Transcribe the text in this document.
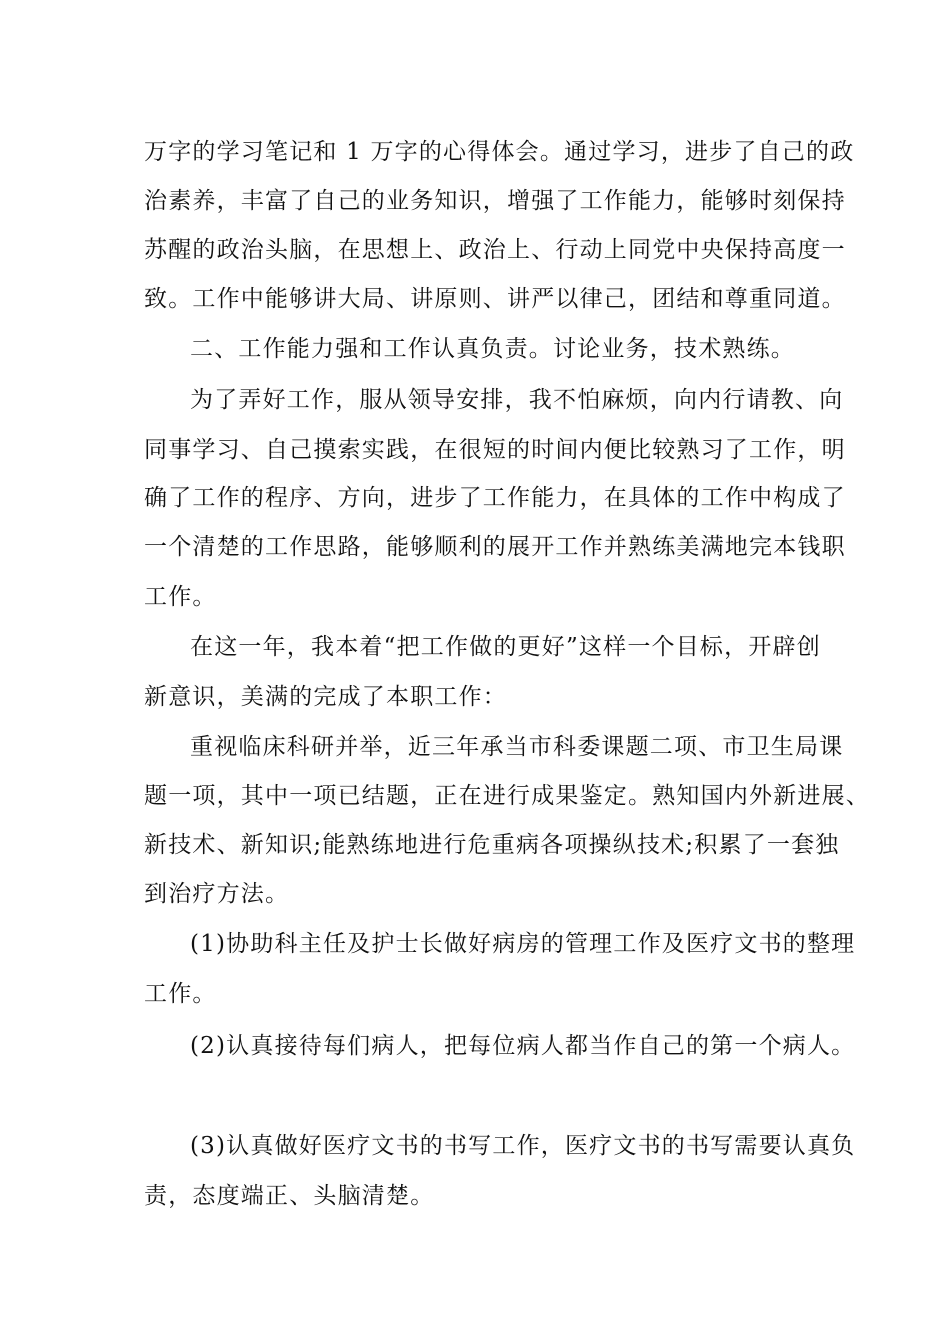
万字的学习笔记和 1 万字的心得体会。通过学习，进步了自己的政
治素养，丰富了自己的业务知识，增强了工作能力，能够时刻保持
苏醒的政治头脑，在思想上、政治上、行动上同党中央保持高度一
致。工作中能够讲大局、讲原则、讲严以律己，团结和尊重同道。
二、工作能力强和工作认真负责。讨论业务，技术熟练。
为了弄好工作，服从领导安排，我不怕麻烦，向内行请教、向
同事学习、自己摸索实践，在很短的时间内便比较熟习了工作，明
确了工作的程序、方向，进步了工作能力，在具体的工作中构成了
一个清楚的工作思路，能够顺利的展开工作并熟练美满地完本钱职
工作。
在这一年，我本着“把工作做的更好”这样一个目标，开辟创
新意识，美满的完成了本职工作：
重视临床科研并举，近三年承当市科委课题二项、市卫生局课
题一项，其中一项已结题，正在进行成果鉴定。熟知国内外新进展、
新技术、新知识;能熟练地进行危重病各项操纵技术;积累了一套独
到治疗方法。
(1)协助科主任及护士长做好病房的管理工作及医疗文书的整理
工作。
(2)认真接待每们病人，把每位病人都当作自己的第一个病人。
(3)认真做好医疗文书的书写工作，医疗文书的书写需要认真负
责，态度端正、头脑清楚。
